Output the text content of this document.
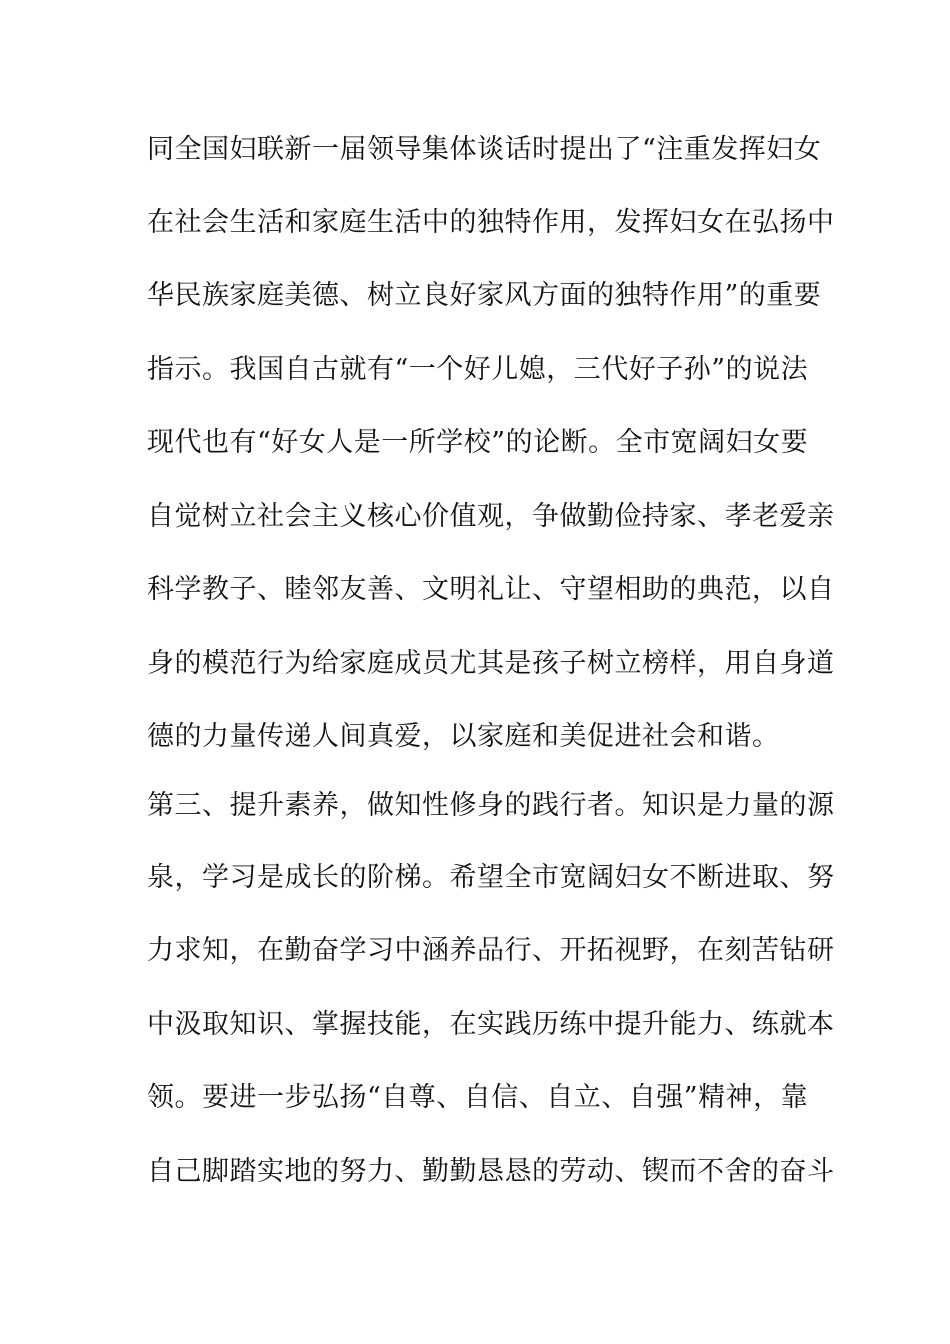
同全国妇联新一届领导集体谈话时提出了“注重发挥妇女
在社会生活和家庭生活中的独特作用，发挥妇女在弘扬中
华民族家庭美德、树立良好家风方面的独特作用”的重要
指示。我国自古就有“一个好儿媳，三代好子孙”的说法
现代也有“好女人是一所学校”的论断。全市宽阔妇女要
自觉树立社会主义核心价值观，争做勤俭持家、孝老爱亲
科学教子、睦邻友善、文明礼让、守望相助的典范，以自
身的模范行为给家庭成员尤其是孩子树立榜样，用自身道
德的力量传递人间真爱，以家庭和美促进社会和谐。
第三、提升素养，做知性修身的践行者。知识是力量的源
泉，学习是成长的阶梯。希望全市宽阔妇女不断进取、努
力求知，在勤奋学习中涵养品行、开拓视野，在刻苦钻研
中汲取知识、掌握技能，在实践历练中提升能力、练就本
领。要进一步弘扬“自尊、自信、自立、自强”精神，靠
自己脚踏实地的努力、勤勤恳恳的劳动、锲而不舍的奋斗
